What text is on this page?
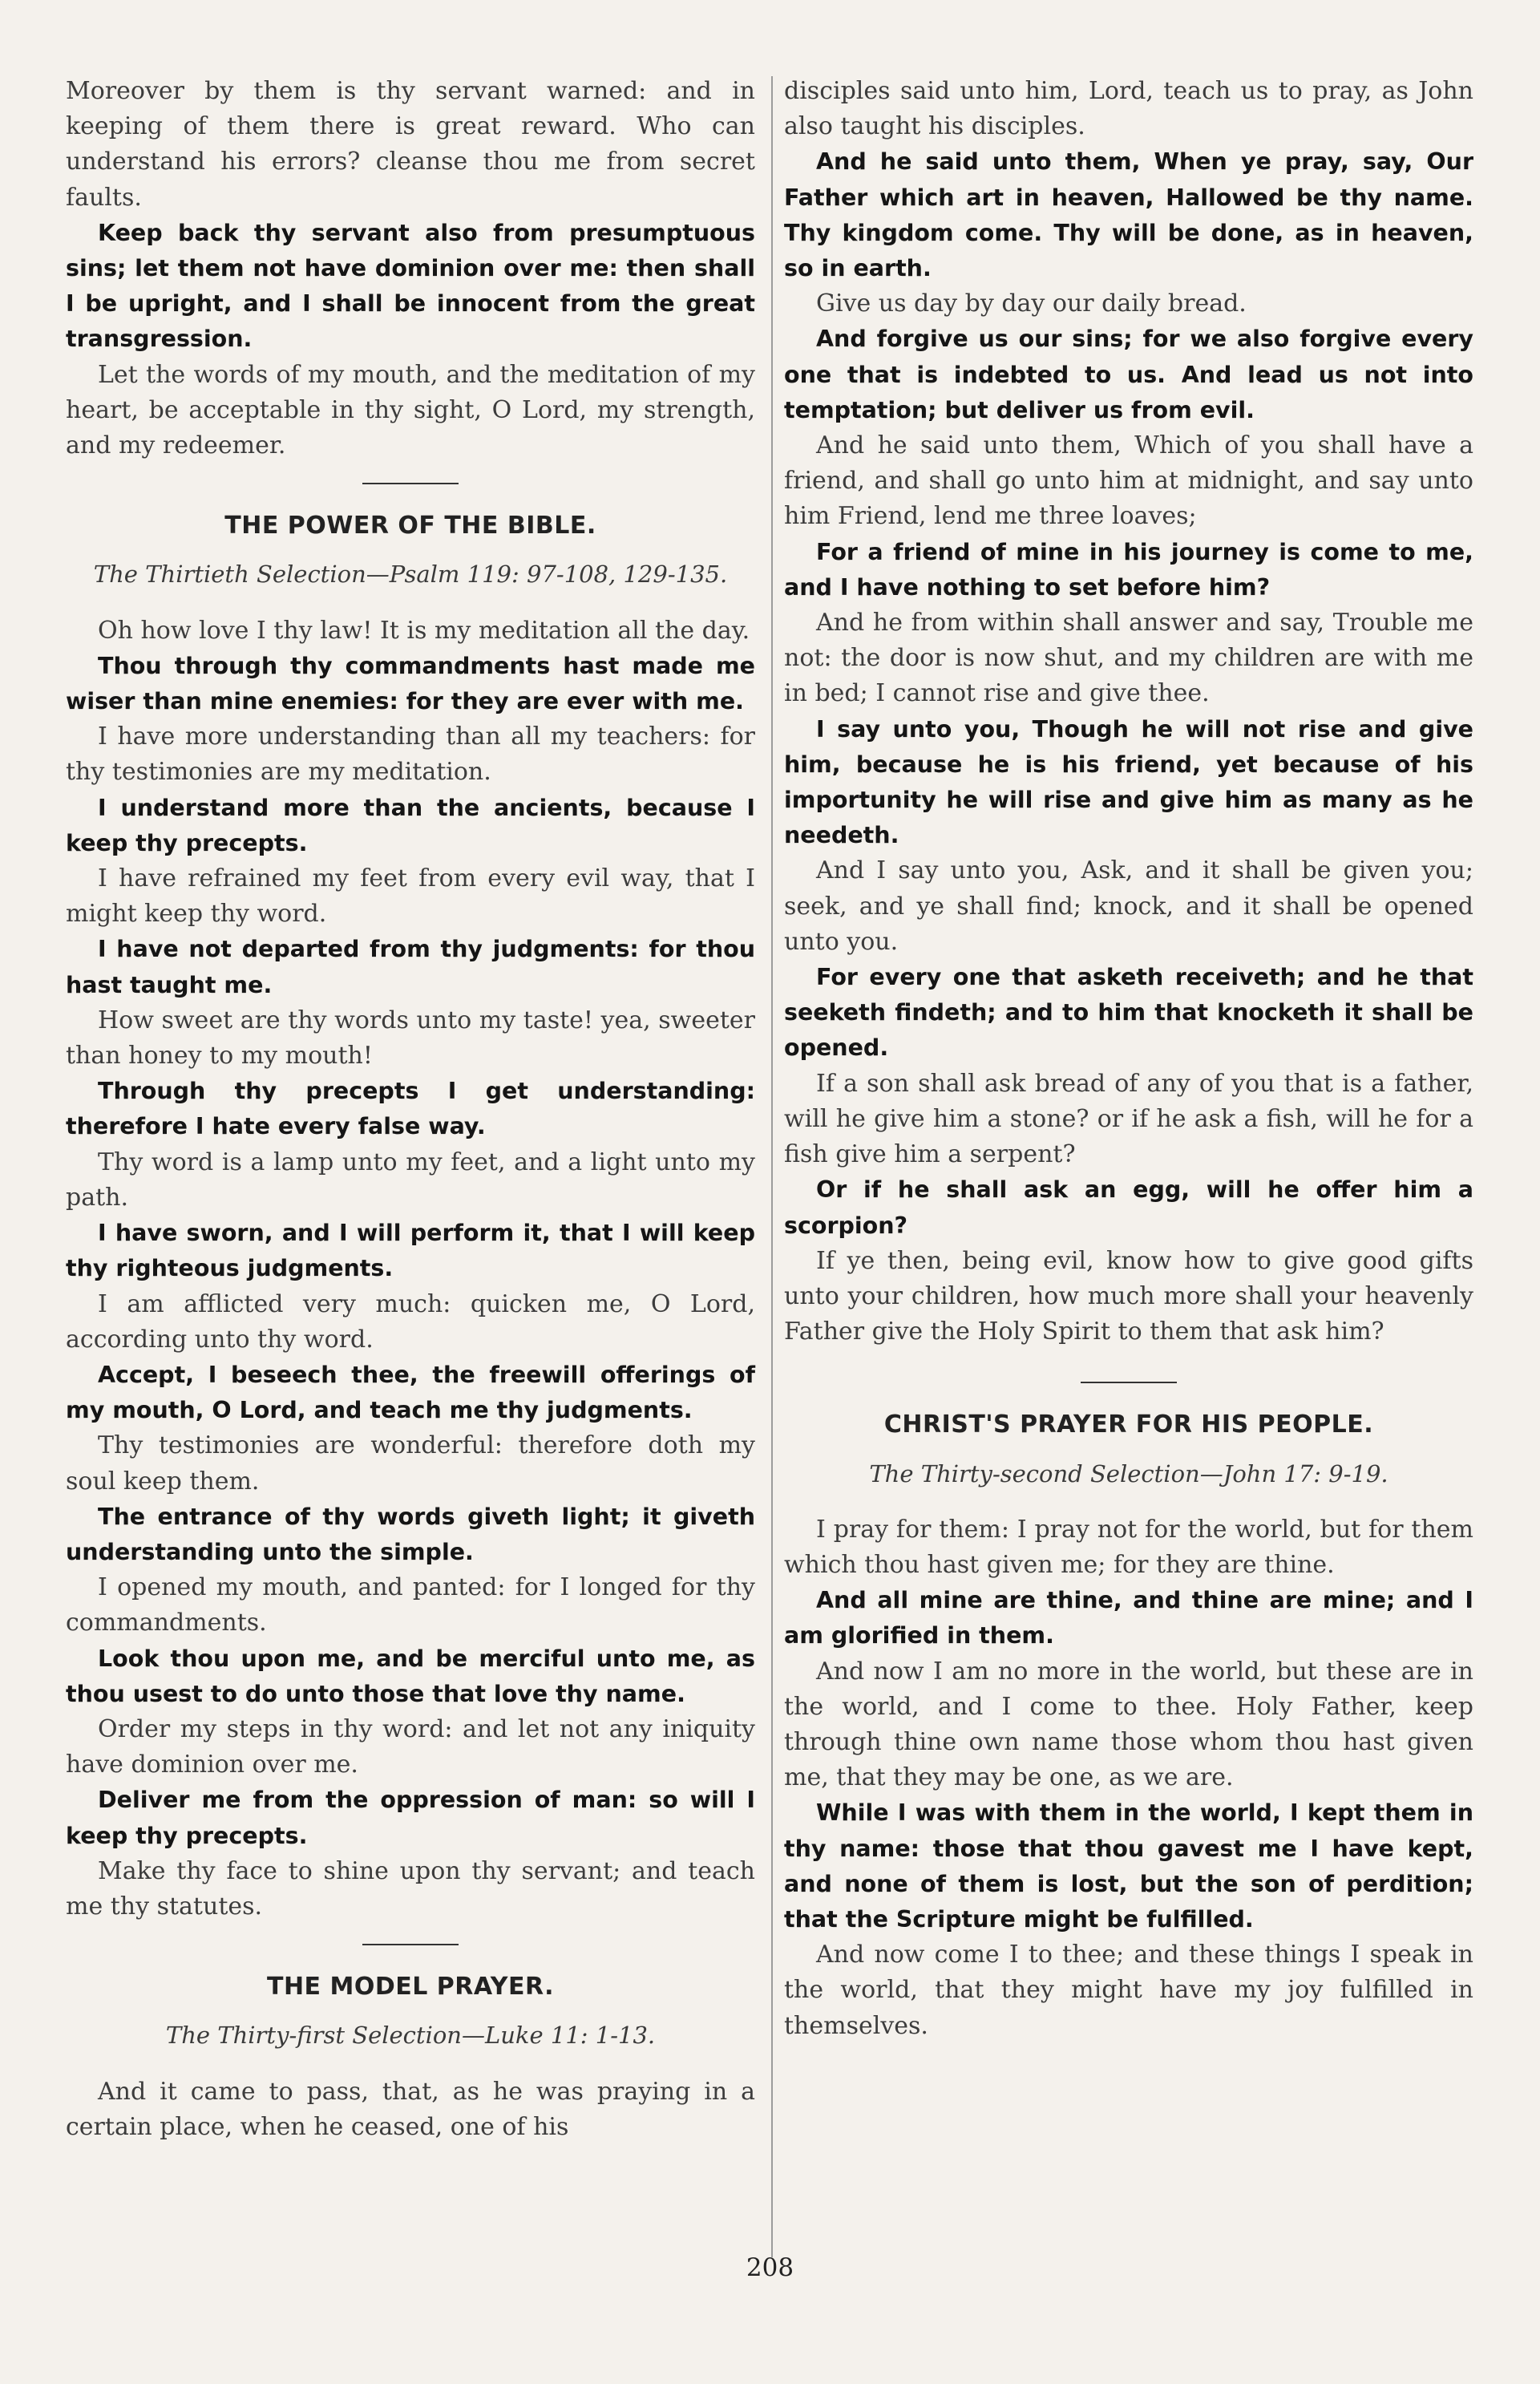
Moreover by them is thy servant warned: and in keeping of them there is great reward. Who can understand his errors? cleanse thou me from secret faults.

Keep back thy servant also from presumptuous sins; let them not have dominion over me: then shall I be upright, and I shall be innocent from the great transgression.

Let the words of my mouth, and the meditation of my heart, be acceptable in thy sight, O Lord, my strength, and my redeemer.

THE POWER OF THE BIBLE.
The Thirtieth Selection—Psalm 119: 97-108, 129-135.

Oh how love I thy law! It is my meditation all the day.

Thou through thy commandments hast made me wiser than mine enemies: for they are ever with me.

I have more understanding than all my teachers: for thy testimonies are my meditation.

I understand more than the ancients, because I keep thy precepts.

I have refrained my feet from every evil way, that I might keep thy word.

I have not departed from thy judgments: for thou hast taught me.

How sweet are thy words unto my taste! yea, sweeter than honey to my mouth!

Through thy precepts I get understanding: therefore I hate every false way.

Thy word is a lamp unto my feet, and a light unto my path.

I have sworn, and I will perform it, that I will keep thy righteous judgments.

I am afflicted very much: quicken me, O Lord, according unto thy word.

Accept, I beseech thee, the freewill offerings of my mouth, O Lord, and teach me thy judgments.

Thy testimonies are wonderful: therefore doth my soul keep them.

The entrance of thy words giveth light; it giveth understanding unto the simple.

I opened my mouth, and panted: for I longed for thy commandments.

Look thou upon me, and be merciful unto me, as thou usest to do unto those that love thy name.

Order my steps in thy word: and let not any iniquity have dominion over me.

Deliver me from the oppression of man: so will I keep thy precepts.

Make thy face to shine upon thy servant; and teach me thy statutes.

THE MODEL PRAYER.
The Thirty-first Selection—Luke 11: 1-13.

And it came to pass, that, as he was praying in a certain place, when he ceased, one of his

disciples said unto him, Lord, teach us to pray, as John also taught his disciples.

And he said unto them, When ye pray, say, Our Father which art in heaven, Hallowed be thy name. Thy kingdom come. Thy will be done, as in heaven, so in earth.

Give us day by day our daily bread.

And forgive us our sins; for we also forgive every one that is indebted to us. And lead us not into temptation; but deliver us from evil.

And he said unto them, Which of you shall have a friend, and shall go unto him at midnight, and say unto him Friend, lend me three loaves;

For a friend of mine in his journey is come to me, and I have nothing to set before him?

And he from within shall answer and say, Trouble me not: the door is now shut, and my children are with me in bed; I cannot rise and give thee.

I say unto you, Though he will not rise and give him, because he is his friend, yet because of his importunity he will rise and give him as many as he needeth.

And I say unto you, Ask, and it shall be given you; seek, and ye shall find; knock, and it shall be opened unto you.

For every one that asketh receiveth; and he that seeketh findeth; and to him that knocketh it shall be opened.

If a son shall ask bread of any of you that is a father, will he give him a stone? or if he ask a fish, will he for a fish give him a serpent?

Or if he shall ask an egg, will he offer him a scorpion?

If ye then, being evil, know how to give good gifts unto your children, how much more shall your heavenly Father give the Holy Spirit to them that ask him?

CHRIST'S PRAYER FOR HIS PEOPLE.
The Thirty-second Selection—John 17: 9-19.

I pray for them: I pray not for the world, but for them which thou hast given me; for they are thine.

And all mine are thine, and thine are mine; and I am glorified in them.

And now I am no more in the world, but these are in the world, and I come to thee. Holy Father, keep through thine own name those whom thou hast given me, that they may be one, as we are.

While I was with them in the world, I kept them in thy name: those that thou gavest me I have kept, and none of them is lost, but the son of perdition; that the Scripture might be fulfilled.

And now come I to thee; and these things I speak in the world, that they might have my joy fulfilled in themselves.

208
